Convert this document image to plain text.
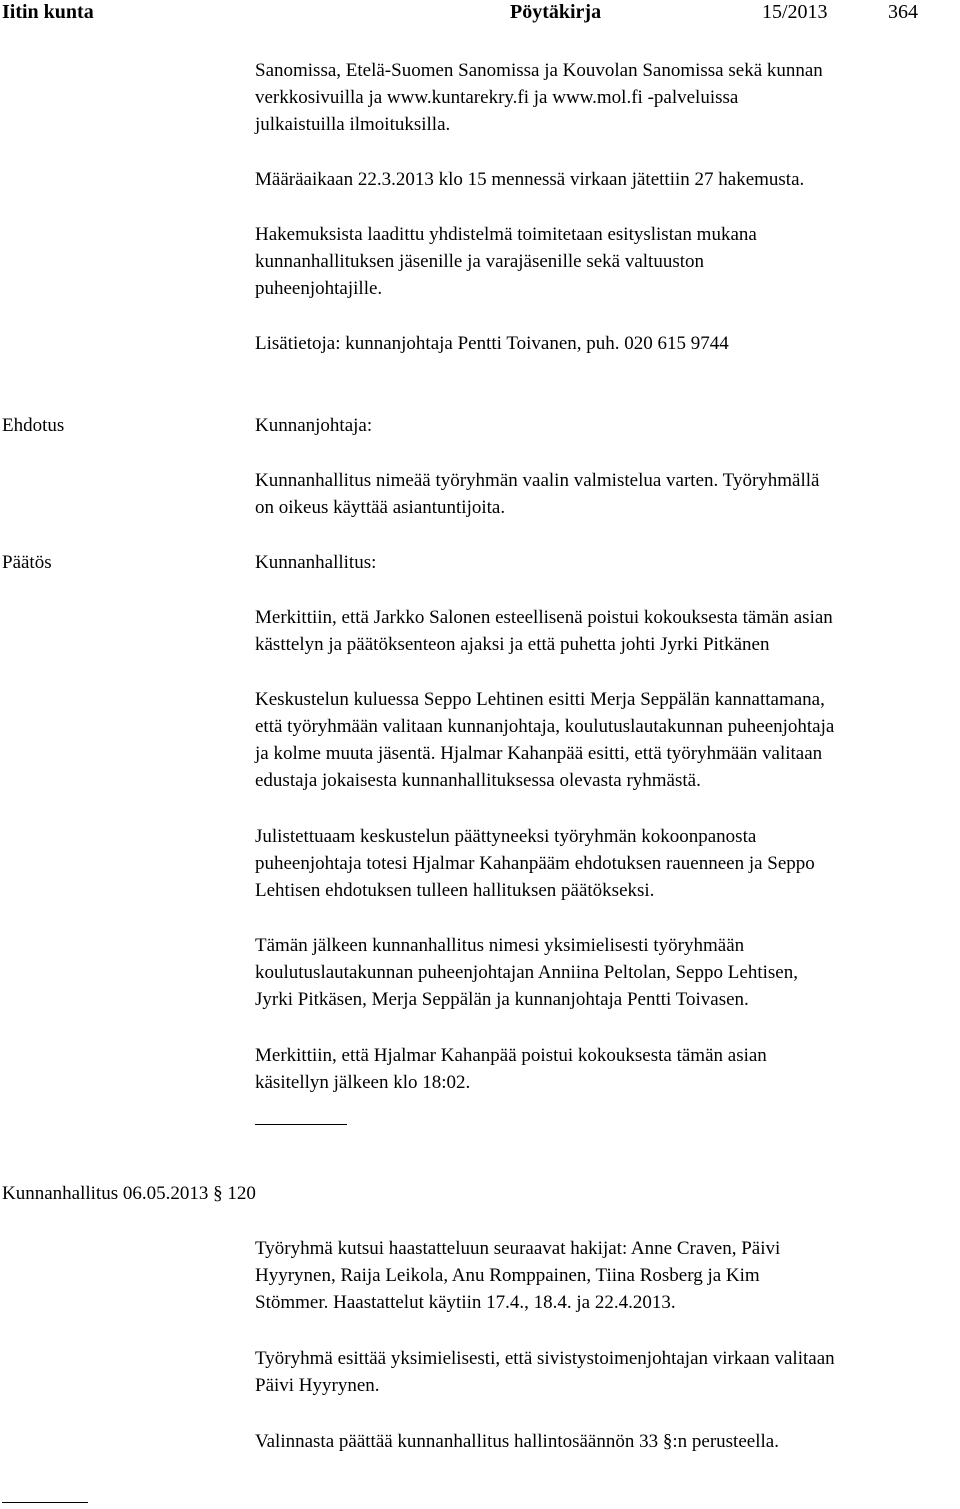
Iitin kunta	Pöytäkirja	15/2013	364
Sanomissa, Etelä-Suomen Sanomissa ja Kouvolan Sanomissa sekä kunnan
verkkosivuilla ja www.kuntarekry.fi ja www.mol.fi -palveluissa
julkaistuilla ilmoituksilla.
Määräaikaan 22.3.2013 klo 15 mennessä virkaan jätettiin 27 hakemusta.
Hakemuksista laadittu yhdistelmä toimitetaan esityslistan mukana
kunnanhallituksen jäsenille ja varajäsenille sekä valtuuston
puheenjohtajille.
Lisätietoja: kunnanjohtaja Pentti Toivanen, puh. 020 615 9744
Ehdotus	Kunnanjohtaja:
Kunnanhallitus nimeää työryhmän vaalin valmistelua varten. Työryhmällä
on oikeus käyttää asiantuntijoita.
Päätös	Kunnanhallitus:
Merkittiin, että Jarkko Salonen esteellisenä poistui kokouksesta tämän asian
kästtelyn ja päätöksenteon ajaksi ja että puhetta johti Jyrki Pitkänen
Keskustelun kuluessa Seppo Lehtinen esitti Merja Seppälän kannattamana,
että työryhmään valitaan kunnanjohtaja, koulutuslautakunnan puheenjohtaja
ja kolme muuta jäsentä. Hjalmar Kahanpää esitti, että työryhmään valitaan
edustaja jokaisesta kunnanhallituksessa olevasta ryhmästä.
Julistettuaam keskustelun päättyneeksi työryhmän kokoonpanosta
puheenjohtaja totesi Hjalmar Kahanpääm ehdotuksen rauenneen ja Seppo
Lehtisen ehdotuksen tulleen hallituksen päätökseksi.
Tämän jälkeen kunnanhallitus nimesi yksimielisesti työryhmään
koulutuslautakunnan puheenjohtajan Anniina Peltolan, Seppo Lehtisen,
Jyrki Pitkäsen, Merja Seppälän ja kunnanjohtaja Pentti Toivasen.
Merkittiin, että Hjalmar Kahanpää poistui kokouksesta tämän asian
käsitellyn jälkeen klo 18:02.
Kunnanhallitus 06.05.2013 § 120
Työryhmä kutsui haastatteluun seuraavat hakijat: Anne Craven, Päivi
Hyyrynen, Raija Leikola, Anu Romppainen, Tiina Rosberg ja Kim
Stömmer. Haastattelut käytiin 17.4., 18.4. ja 22.4.2013.
Työryhmä esittää yksimielisesti, että sivistystoimenjohtajan virkaan valitaan
Päivi Hyyrynen.
Valinnasta päättää kunnanhallitus hallintosäännön 33 §:n perusteella.
